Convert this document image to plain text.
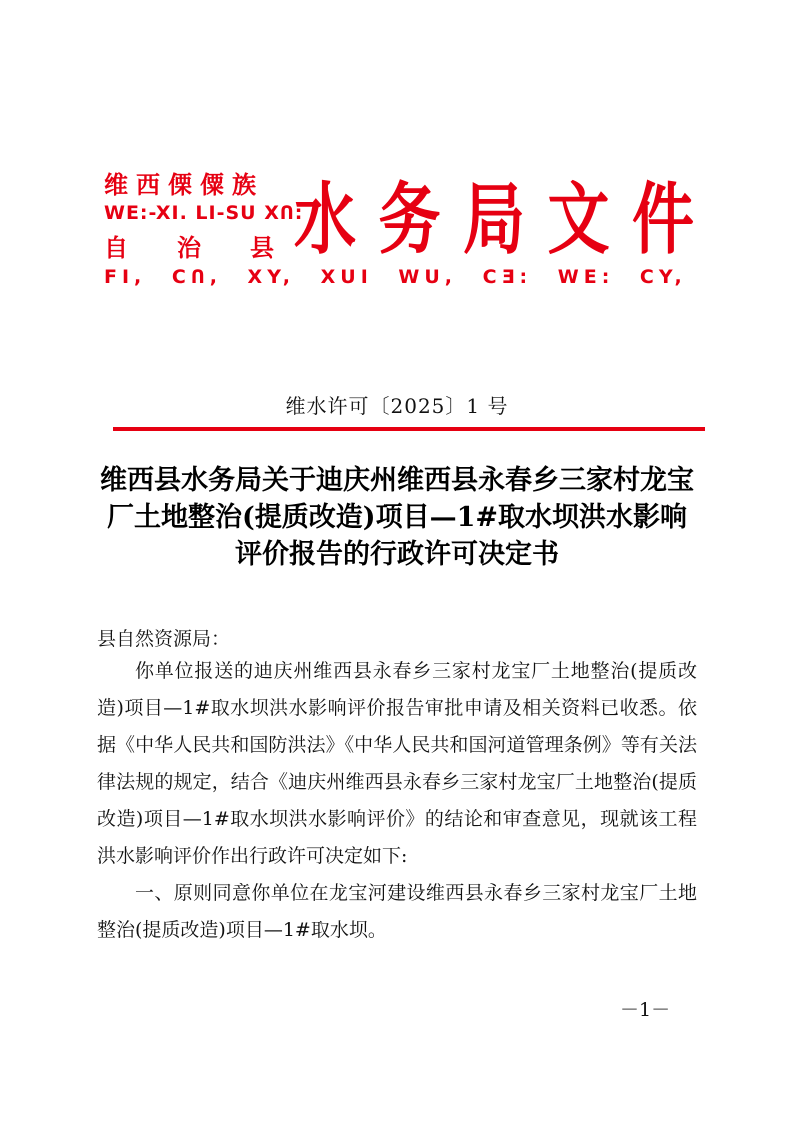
维西傈僳族
WE:-XI. LI-SU XՈ:
自 治 县
FI, CՈ, XY, XUI WU, CƎ: WE: CY,
水 务 局 文 件
维水许可〔2025〕1 号
维西县水务局关于迪庆州维西县永春乡三家村龙宝厂土地整治(提质改造)项目—1#取水坝洪水影响评价报告的行政许可决定书
县自然资源局：

你单位报送的迪庆州维西县永春乡三家村龙宝厂土地整治(提质改造)项目—1#取水坝洪水影响评价报告审批申请及相关资料已收悉。依据《中华人民共和国防洪法》《中华人民共和国河道管理条例》等有关法律法规的规定，结合《迪庆州维西县永春乡三家村龙宝厂土地整治(提质改造)项目—1#取水坝洪水影响评价》的结论和审查意见，现就该工程洪水影响评价作出行政许可决定如下:

一、原则同意你单位在龙宝河建设维西县永春乡三家村龙宝厂土地整治(提质改造)项目—1#取水坝。

－1－
